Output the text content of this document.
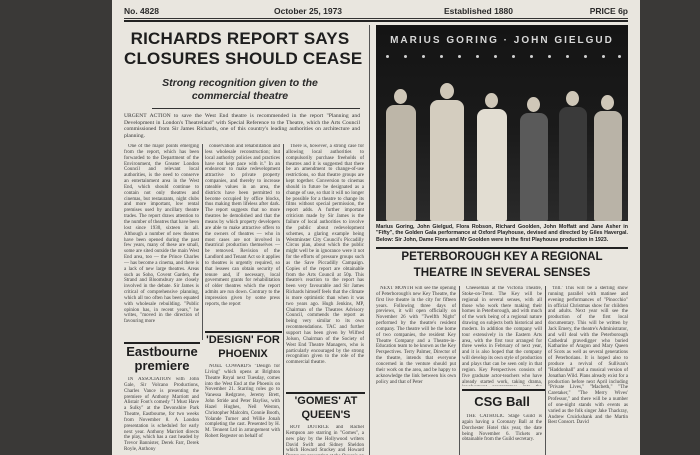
No. 4828	October 25, 1973	Established 1880	PRICE 6p
RICHARDS REPORT SAYS
CLOSURES SHOULD CEASE
Strong recognition given to the
commercial theatre
URGENT ACTION to save the West End theatre is recommended in the report "Planning and Development in London's Theatreland" with Special Reference to the Theatre, which the Arts Council commissioned from Sir James Richards, one of this country's leading authorities on architecture and planning.

One of the major points emerging from the report, which has been forwarded to the Department of the Environment, the Greater London Council and relevant local authorities, is the need to conserve an entertainment area in the West End, which should continue to contain not only theatres and cinemas, but restaurants, night clubs and more important, low rental premises used by ancillary theatre trades. The report draws attention to the number of theatres that have been lost since 1930, sixteen in all. Although a number of new theatres have been opened during the past few years, many of these are small, some are sited outside the main West End area, too — the Prince Charles — has become a cinema, and there is a lack of new large theatres. Areas such as Soho, Covent Garden, the Strand and Bloomsbury are closely involved in the debate. Sir James is critical of comprehensive planning, which all too often has been equated with wholesale rebuilding. "Public opinion has, in recent years," he writes, "moved in the direction of favouring more

conservation and rehabilitation and less wholesale reconstruction; but local authority policies and practices have not kept pace with it." In an endeavour to make redevelopment attractive to private property companies, and thereby to increase rateable values in an area, the districts have been permitted to become occupied by office blocks, thus making them lifeless after dark. The report suggests that no more theatres be demolished and that the means by which property developers are able to make attractive offers to the owners of theatres — who in most cases are not involved in theatrical production themselves — be removed. Revision of the Landlord and Tenant Act so it applies to theatres is urgently required, so that lessees can obtain security of tenure and, if necessary, local government grants for rehabilitation of older theatres which the report admits are run down. Contrary to the impression given by some press reports, the report

There is, however, a strong case for allowing local authorities to compulsorily purchase freeholds of theatres and it is suggested that there be an amendment to change-of-use restrictions, so that theatre groups are kept together. Conversion to cinemas should in future be designated as a change of use, so that it will no longer be possible for a theatre to change its films without special permission, the report adds. A further important criticism made by Sir James is the failure of local authorities to involve the public about redevelopment schemes, a glaring example being Westminster City Council's Piccadilly Circus plan, about which the public might well be in ignorance were it not for the efforts of pressure groups such as the Save Piccadilly Campaign. Copies of the report are obtainable from the Arts Council at 50p. This theatre's reaction to the report has been very favourable and Sir James Richards himself feels that the climate is more optimistic than when it was two years ago. Hugh Jenkins, MP, Chairman of the Theatres Advisory Council, commends the report as being very similar to its own recommendations. TAC and further support has been given by Wilfred Jolson, Chairman of the Society of West End Theatre Managers, who is particularly encouraged by the strong recognition given to the role of the commercial theatre.

Eastbourne
premiere

IN ASSOCIATION with John Gale, Sir Volcano Productions, Charles Vance is presenting the premiere of Anthony Marriott and Alistair Foot's comedy "I Must Have a Sulky" at the Devonshire Park Theatre, Eastbourne, for two weeks from November 8. A London presentation is scheduled for early next year. Anthony Marriott directs the play, which has a cast headed by Trevor Bannister, Derek Farr, Derek Royle, Anthony

'DESIGN' FOR
PHOENIX

NOEL COWARD'S "Design for Living" which opens at Brighton Theatre Royal next Tuesday, comes into the West End at the Phoenix on November 21. Starring roles go to Vanessa Redgrave, Jeremy Brett, John Stride and Peter Bayliss, with Hazel Hughes, Neil Weston, Christopher Malcolm, Connie Booth, Yolande Turner and Willie Jonah completing the cast. Presented by H. M. Tennent Ltd in arrangement with Robert Regester on behalf of

'GOMES' AT
QUEEN'S

ROY DOTRICE and Rachel Kempson are starring in "Gomes", a new play by the Hollywood writers David Swift and Sidney Sheldon which Howard Stuckey and Howard

MARIUS GORING · JOHN GIELGUD
Marius Goring, John Gielgud, Flora Robson, Richard Goolden, John Moffatt and Jane Asher in "Fifty", the Golden Gala performance at Oxford Playhouse, devised and directed by Giles Havergal. Below: Sir John, Dame Flora and Mr Goolden were in the first Playhouse production in 1923.
PETERBOROUGH KEY A REGIONAL
THEATRE IN SEVERAL SENSES

NEXT MONTH will see the opening of Peterborough's new Key Theatre, the first live theatre in the city for fifteen years. Following three days of previews, it will open officially on November 26 with "Twelfth Night" performed by the theatre's resident company. The theatre will be the home of two companies, the resident Key Theatre Company and a Theatre-in-Education team to be known as the Key Perspectives. Terry Palmer, Director of the theatre, intends that everyone concerned in the venture should put their work on the area, and be happy to acknowledge the link between his own policy and that of Peter

Cheeseman at the Victoria Theatre, Stoke-on-Trent. The Key will be regional in several senses, with all those who work there making their homes in Peterborough, and with much of the work being of a regional nature drawing on subjects both historical and modern. In addition the company will tour extensively in the Eastern Arts area, with the first tour arranged for three weeks in February of next year, and it is also hoped that the company will develop its own style of production and plays that can be seen only in that region. Key Perspectives consists of five graduate actor-teachers who have already started work, taking drama,

'frill.' This will be a sterling show running parallel with matinee and evening performances of "Pinocchio" in official Christmas show for children and adults. Next year will see the production of the first local documentary. This will be written by Jack Emery, the theatre's Administrator, and will deal with the Peterborough Cathedral gravedigger who buried Katharine of Aragon and Mary Queen of Scots as well as several generations of Peterborians. It is hoped also to produce a revival of Sullivan's "Haddonhall" and a musical version of Jonathan Wild. Plans already exist for a production before next April including "Private Lives," "Macbeth," "The Caretaker," "The Merry Wives' Professor," and there will be a number of one-night stands with events as varied as the folk singer Jake Thackray, Andrew Cruickshank and the Martin Best Consort. David

CSG Ball

THE CATHOLIC Stage Guild is again having a Coronary Ball at the Dorchester Hotel this year, the date being November 6. Tickets are obtainable from the Guild secretary.
